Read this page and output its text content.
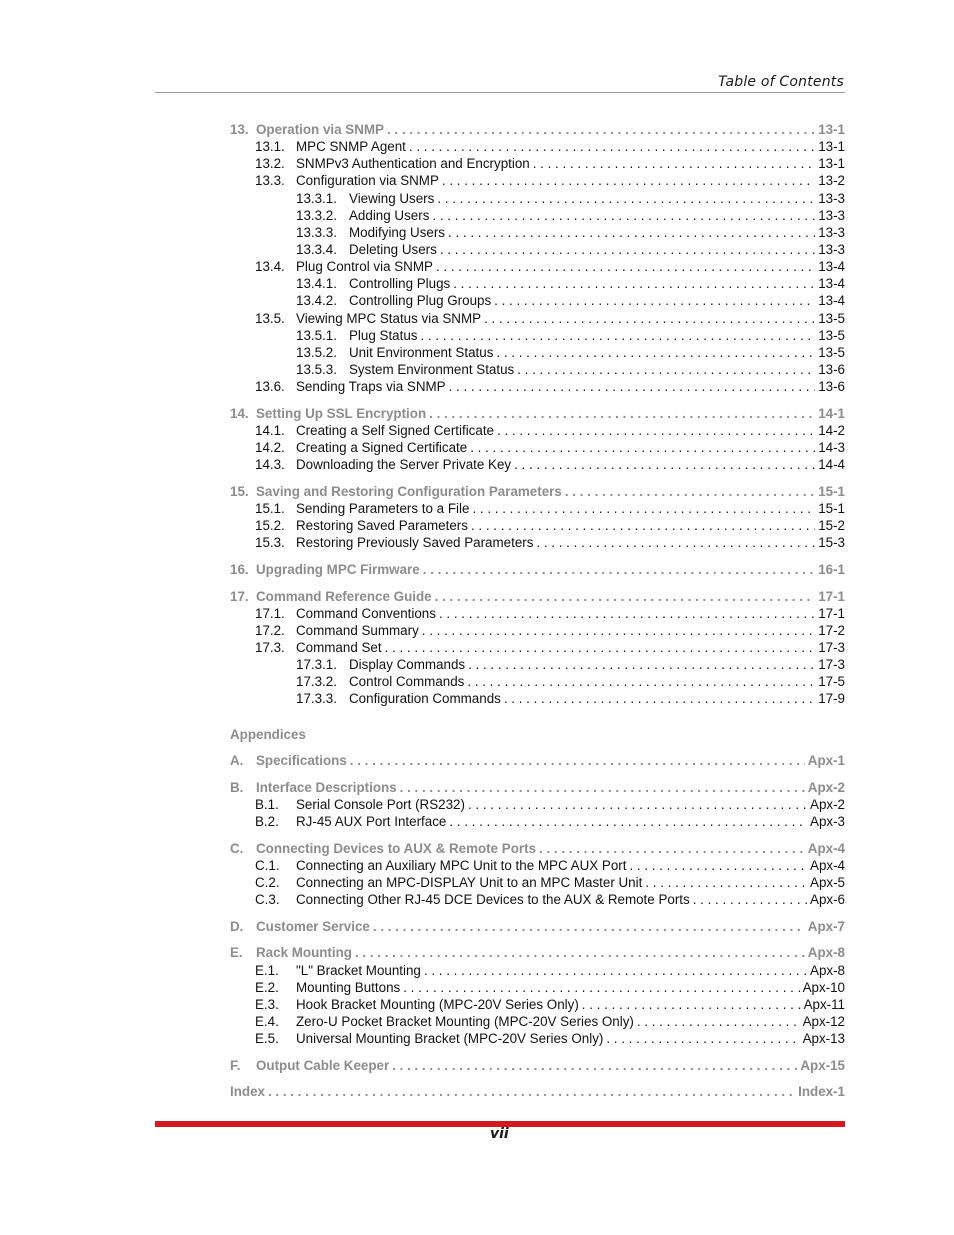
Table of Contents
13. Operation via SNMP . . .	13-1
13.1. MPC SNMP Agent . . .	13-1
13.2. SNMPv3 Authentication and Encryption . . .	13-1
13.3. Configuration via SNMP . . .	13-2
13.3.1. Viewing Users . . .	13-3
13.3.2. Adding Users . . .	13-3
13.3.3. Modifying Users . . .	13-3
13.3.4. Deleting Users . . .	13-3
13.4. Plug Control via SNMP . . .	13-4
13.4.1. Controlling Plugs . . .	13-4
13.4.2. Controlling Plug Groups . . .	13-4
13.5. Viewing MPC Status via SNMP . . .	13-5
13.5.1. Plug Status . . .	13-5
13.5.2. Unit Environment Status . . .	13-5
13.5.3. System Environment Status . . .	13-6
13.6. Sending Traps via SNMP . . .	13-6
14. Setting Up SSL Encryption . . .	14-1
14.1. Creating a Self Signed Certificate . . .	14-2
14.2. Creating a Signed Certificate . . .	14-3
14.3. Downloading the Server Private Key . . .	14-4
15. Saving and Restoring Configuration Parameters . . .	15-1
15.1. Sending Parameters to a File . . .	15-1
15.2. Restoring Saved Parameters . . .	15-2
15.3. Restoring Previously Saved Parameters . . .	15-3
16. Upgrading MPC Firmware . . .	16-1
17. Command Reference Guide . . .	17-1
17.1. Command Conventions . . .	17-1
17.2. Command Summary . . .	17-2
17.3. Command Set . . .	17-3
17.3.1. Display Commands . . .	17-3
17.3.2. Control Commands . . .	17-5
17.3.3. Configuration Commands . . .	17-9
Appendices
A. Specifications . . .	Apx-1
B. Interface Descriptions . . .	Apx-2
B.1.	Serial Console Port (RS232) . . .	Apx-2
B.2.	RJ-45 AUX Port Interface . . .	Apx-3
C. Connecting Devices to AUX & Remote Ports . . .	Apx-4
C.1.	Connecting an Auxiliary MPC Unit to the MPC AUX Port . . .	Apx-4
C.2.	Connecting an MPC-DISPLAY Unit to an MPC Master Unit . . .	Apx-5
C.3.	Connecting Other RJ-45 DCE Devices to the AUX & Remote Ports . . .	Apx-6
D. Customer Service . . .	Apx-7
E. Rack Mounting . . .	Apx-8
E.1.	"L" Bracket Mounting . . .	Apx-8
E.2.	Mounting Buttons . . .	Apx-10
E.3.	Hook Bracket Mounting (MPC-20V Series Only) . . .	Apx-11
E.4.	Zero-U Pocket Bracket Mounting (MPC-20V Series Only) . . .	Apx-12
E.5.	Universal Mounting Bracket (MPC-20V Series Only) . . .	Apx-13
F.	Output Cable Keeper . . .	Apx-15
Index . . .	Index-1
vii
